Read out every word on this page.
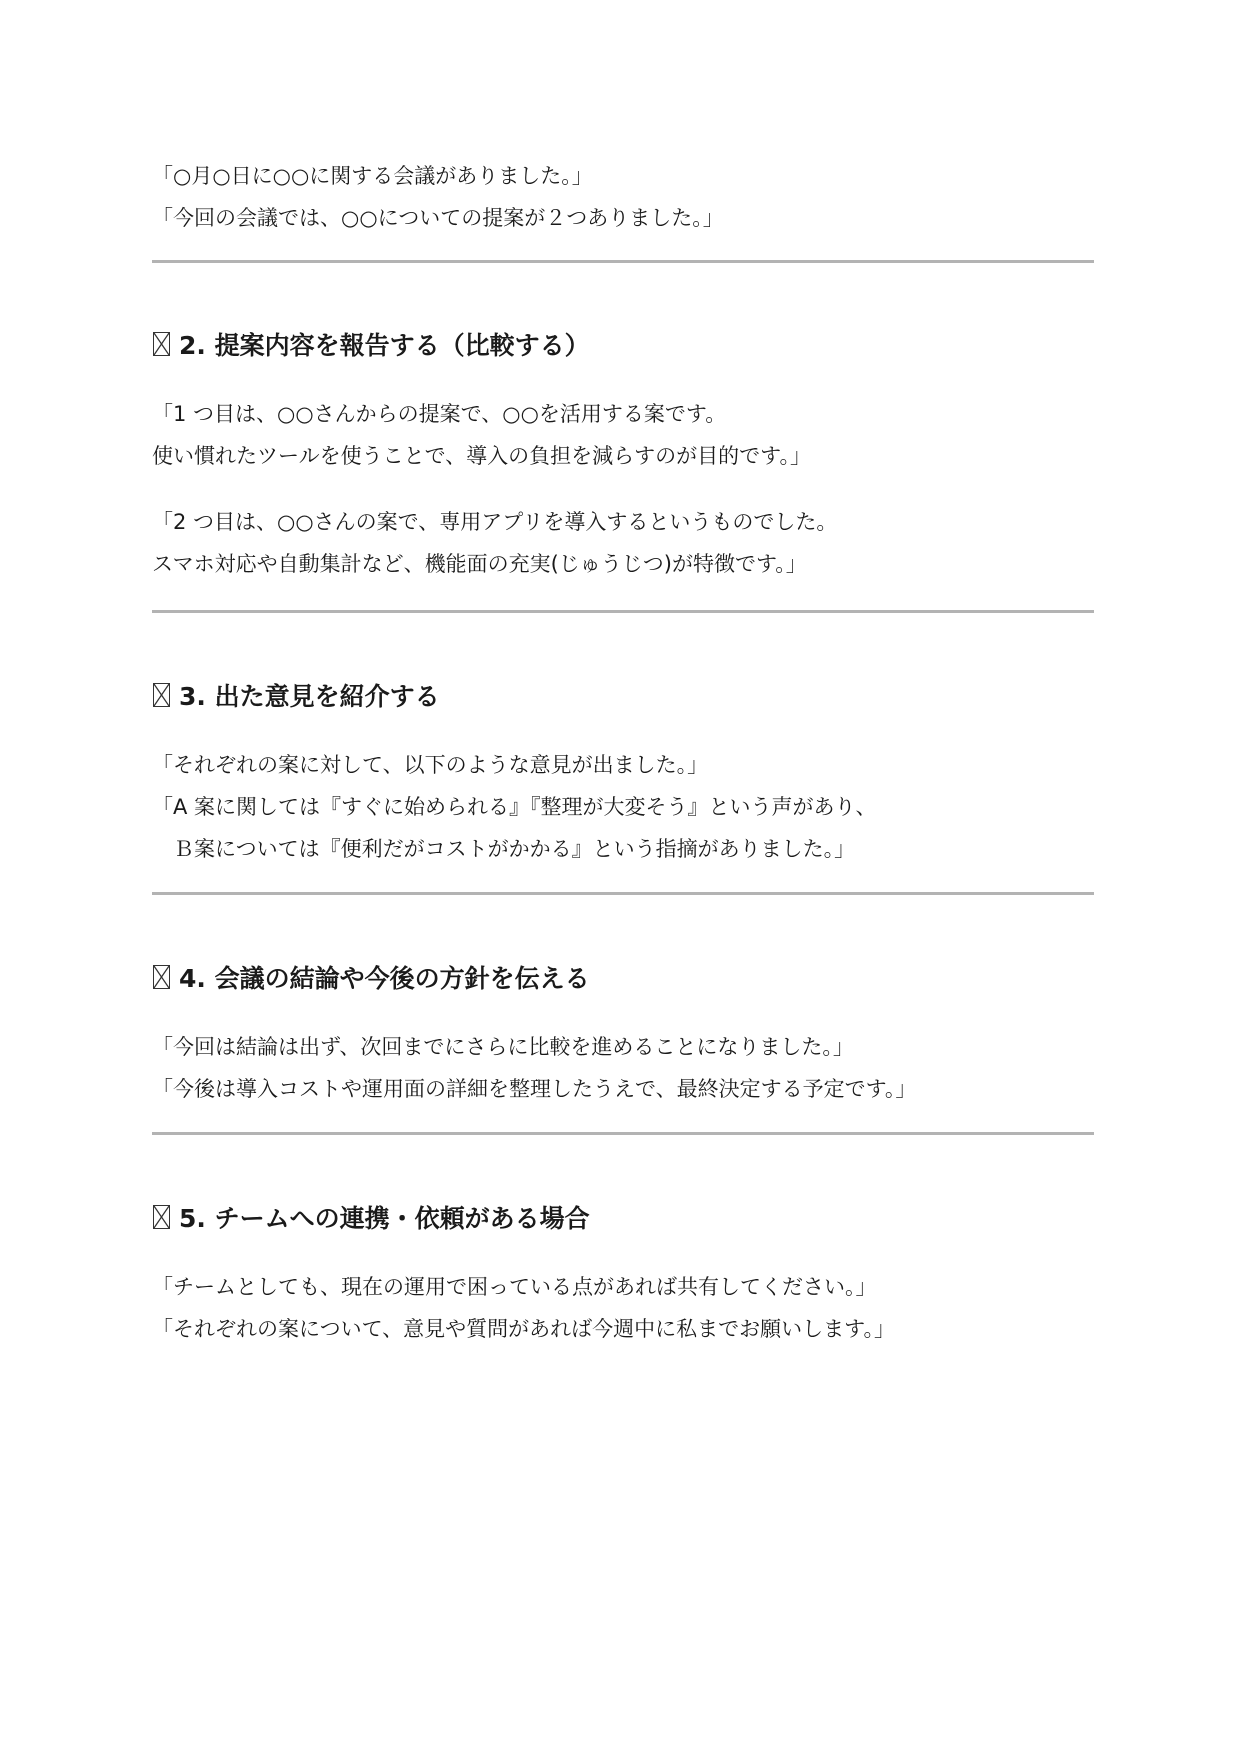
「○月○日に○○に関する会議がありました。」

「今回の会議では、○○についての提案が２つありました。」

2. 提案内容を報告する（比較する）

「1 つ目は、○○さんからの提案で、○○を活用する案です。

使い慣れたツールを使うことで、導入の負担を減らすのが目的です。」

「2 つ目は、○○さんの案で、専用アプリを導入するというものでした。

スマホ対応や自動集計など、機能面の充実(じゅうじつ)が特徴です。」

3. 出た意見を紹介する

「それぞれの案に対して、以下のような意見が出ました。」

「A 案に関しては『すぐに始められる』『整理が大変そう』という声があり、

　Ｂ案については『便利だがコストがかかる』という指摘がありました。」

4. 会議の結論や今後の方針を伝える

「今回は結論は出ず、次回までにさらに比較を進めることになりました。」

「今後は導入コストや運用面の詳細を整理したうえで、最終決定する予定です。」

5. チームへの連携・依頼がある場合

「チームとしても、現在の運用で困っている点があれば共有してください。」

「それぞれの案について、意見や質問があれば今週中に私までお願いします。」
